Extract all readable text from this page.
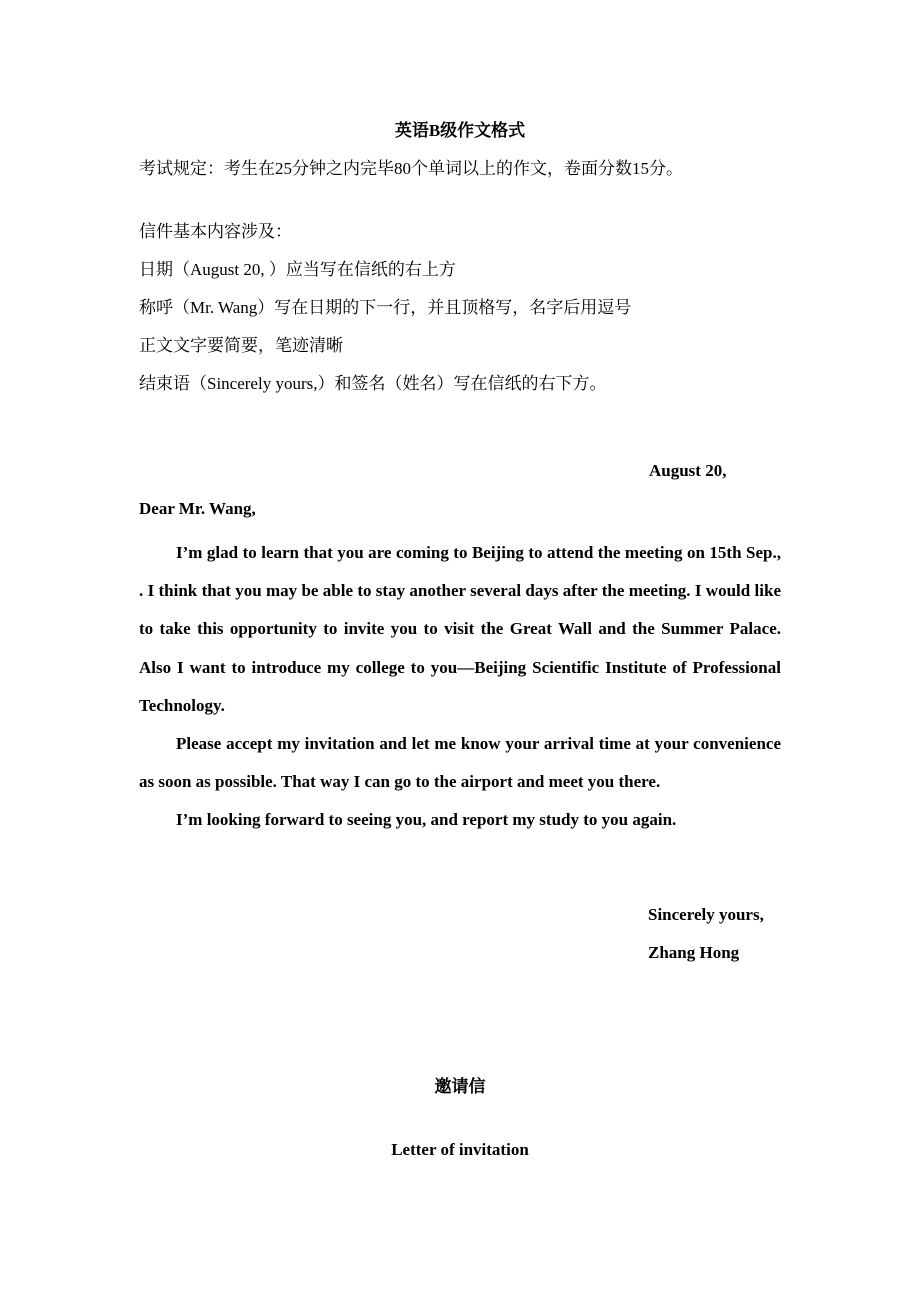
英语B级作文格式
考试规定：考生在25分钟之内完毕80个单词以上的作文，卷面分数15分。
信件基本内容涉及：
日期（August 20, ）应当写在信纸的右上方
称呼（Mr. Wang）写在日期的下一行，并且顶格写，名字后用逗号
正文文字要简要，笔迹清晰
结束语（Sincerely yours,）和签名（姓名）写在信纸的右下方。
August 20,
Dear Mr. Wang,

I’m glad to learn that you are coming to Beijing to attend the meeting on 15th Sep., . I think that you may be able to stay another several days after the meeting. I would like to take this opportunity to invite you to visit the Great Wall and the Summer Palace. Also I want to introduce my college to you—Beijing Scientific Institute of Professional Technology.

Please accept my invitation and let me know your arrival time at your convenience as soon as possible. That way I can go to the airport and meet you there.

I’m looking forward to seeing you, and report my study to you again.

Sincerely yours,
Zhang Hong
邀请信
Letter of invitation
